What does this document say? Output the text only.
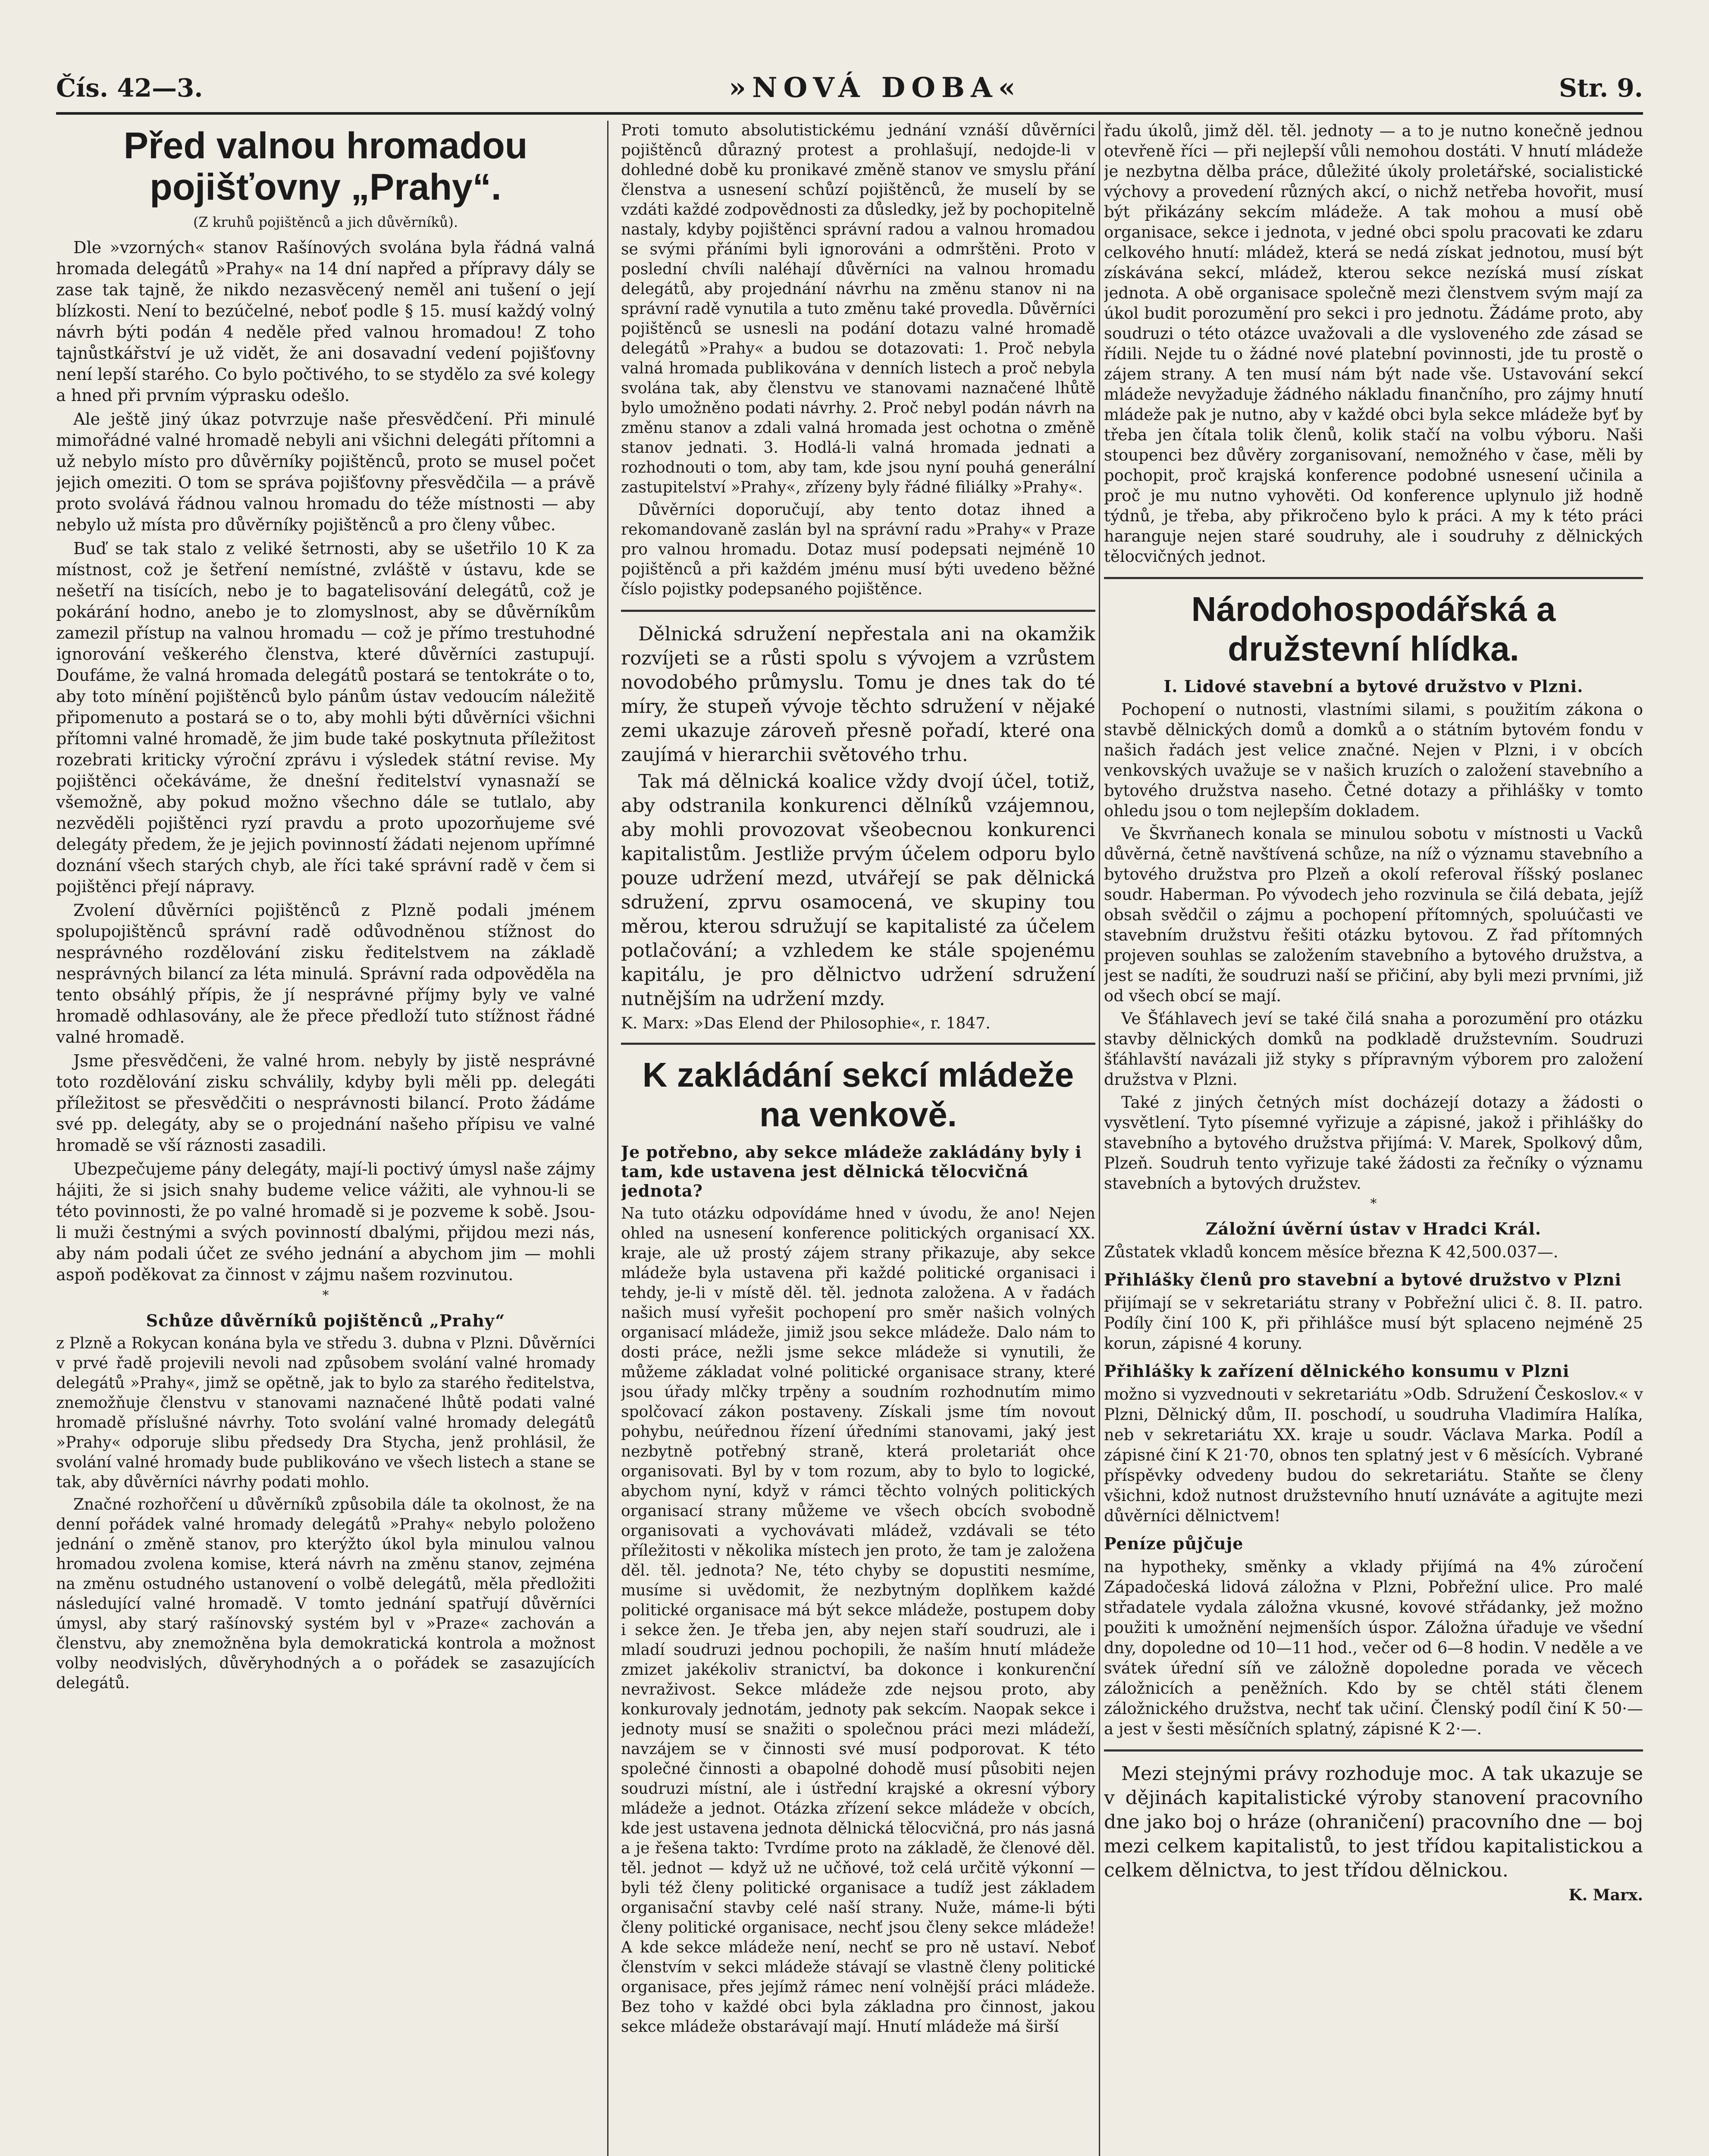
Čís. 42—3.	»NOVÁ DOBA«	Str. 9.
Před valnou hromadou pojišťovny „Prahy“.
(Z kruhů pojištěnců a jich důvěrníků).

Dle »vzorných« stanov Rašínových svolána byla řádná valná hromada delegátů »Prahy« na 14 dní napřed a přípravy dály se zase tak tajně, že nikdo nezasvěcený neměl ani tušení o její blízkosti. Není to bezúčelné, neboť podle § 15. musí každý volný návrh býti podán 4 neděle před valnou hromadou! Z toho tajnůstkářství je už vidět, že ani dosavadní vedení pojišťovny není lepší starého. Co bylo počtivého, to se stydělo za své kolegy a hned při prvním výprasku odešlo.

Ale ještě jiný úkaz potvrzuje naše přesvědčení. Při minulé mimořádné valné hromadě nebyli ani všichni delegáti přítomni a už nebylo místo pro důvěrníky pojištěnců, proto se musel počet jejich omeziti. O tom se správa pojišťovny přesvědčila — a právě proto svolává řádnou valnou hromadu do téže místnosti — aby nebylo už místa pro důvěrníky pojištěnců a pro členy vůbec.

Buď se tak stalo z veliké šetrnosti, aby se ušetřilo 10 K za místnost, což je šetření nemístné, zvláště v ústavu, kde se nešetří na tisících, nebo je to bagatelisování delegátů, což je pokárání hodno, anebo je to zlomyslnost, aby se důvěrníkům zamezil přístup na valnou hromadu — což je přímo trestuhodné ignorování veškerého členstva, které důvěrníci zastupují. Doufáme, že valná hromada delegátů postará se tentokráte o to, aby toto mínění pojištěnců bylo pánům ústav vedoucím náležitě připomenuto a postará se o to, aby mohli býti důvěrníci všichni přítomni valné hromadě, že jim bude také poskytnuta příležitost rozebrati kriticky výroční zprávu i výsledek státní revise. My pojištěnci očekáváme, že dnešní ředitelství vynasnaží se všemožně, aby pokud možno všechno dále se tutlalo, aby nezvěděli pojištěnci ryzí pravdu a proto upozorňujeme své delegáty předem, že je jejich povinností žádati nejenom upřímné doznání všech starých chyb, ale říci také správní radě v čem si pojištěnci přejí nápravy.

Zvolení důvěrníci pojištěnců z Plzně podali jménem spolupojištěnců správní radě odůvodněnou stížnost do nesprávného rozdělování zisku ředitelstvem na základě nesprávných bilancí za léta minulá. Správní rada odpověděla na tento obsáhlý přípis, že jí nesprávné příjmy byly ve valné hromadě odhlasovány, ale že přece předloží tuto stížnost řádné valné hromadě.

Jsme přesvědčeni, že valné hrom. nebyly by jistě nesprávné toto rozdělování zisku schválily, kdyby byli měli pp. delegáti příležitost se přesvědčiti o nesprávnosti bilancí. Proto žádáme své pp. delegáty, aby se o projednání našeho přípisu ve valné hromadě se vší ráznosti zasadili.

Ubezpečujeme pány delegáty, mají-li poctivý úmysl naše zájmy hájiti, že si jsich snahy budeme velice vážiti, ale vyhnou-li se této povinnosti, že po valné hromadě si je pozveme k sobě. Jsou-li muži čestnými a svých povinností dbalými, přijdou mezi nás, aby nám podali účet ze svého jednání a abychom jim — mohli aspoň poděkovat za činnost v zájmu našem rozvinutou.

*
Schůze důvěrníků pojištěnců „Prahy“

z Plzně a Rokycan konána byla ve středu 3. dubna v Plzni. Důvěrníci v prvé řadě projevili nevoli nad způsobem svolání valné hromady delegátů »Prahy«, jimž se opětně, jak to bylo za starého ředitelstva, znemožňuje členstvu v stanovami naznačené lhůtě podati valné hromadě příslušné návrhy. Toto svolání valné hromady delegátů »Prahy« odporuje slibu předsedy Dra Stycha, jenž prohlásil, že svolání valné hromady bude publikováno ve všech listech a stane se tak, aby důvěrníci návrhy podati mohlo.

Značné rozhořčení u důvěrníků způsobila dále ta okolnost, že na denní pořádek valné hromady delegátů »Prahy« nebylo položeno jednání o změně stanov, pro kterýžto úkol byla minulou valnou hromadou zvolena komise, která návrh na změnu stanov, zejména na změnu ostudného ustanovení o volbě delegátů, měla předložiti následující valné hromadě. V tomto jednání spatřují důvěrníci úmysl, aby starý rašínovský systém byl v »Praze« zachován a členstvu, aby znemožněna byla demokratická kontrola a možnost volby neodvislých, důvěryhodných a o pořádek se zasazujících delegátů.

Proti tomuto absolutistickému jednání vznáší důvěrníci pojištěnců důrazný protest a prohlašují, nedojde-li v dohledné době ku pronikavé změně stanov ve smyslu přání členstva a usnesení schůzí pojištěnců, že muselí by se vzdáti každé zodpovědnosti za důsledky, jež by pochopitelně nastaly, kdyby pojištěnci správní radou a valnou hromadou se svými přáními byli ignorováni a odmrštěni. Proto v poslední chvíli naléhají důvěrníci na valnou hromadu delegátů, aby projednání návrhu na změnu stanov ni na správní radě vynutila a tuto změnu také provedla. Důvěrníci pojištěnců se usnesli na podání dotazu valné hromadě delegátů »Prahy« a budou se dotazovati: 1. Proč nebyla valná hromada publikována v denních listech a proč nebyla svolána tak, aby členstvu ve stanovami naznačené lhůtě bylo umožněno podati návrhy. 2. Proč nebyl podán návrh na změnu stanov a zdali valná hromada jest ochotna o změně stanov jednati. 3. Hodlá-li valná hromada jednati a rozhodnouti o tom, aby tam, kde jsou nyní pouhá generální zastupitelství »Prahy«, zřízeny byly řádné filiálky »Prahy«.

Důvěrníci doporučují, aby tento dotaz ihned a rekomandovaně zaslán byl na správní radu »Prahy« v Praze pro valnou hromadu. Dotaz musí podepsati nejméně 10 pojištěnců a při každém jménu musí býti uvedeno běžné číslo pojistky podepsaného pojištěnce.

Dělnická sdružení nepřestala ani na okamžik rozvíjeti se a růsti spolu s vývojem a vzrůstem novodobého průmyslu. Tomu je dnes tak do té míry, že stupeň vývoje těchto sdružení v nějaké zemi ukazuje zároveň přesně pořadí, které ona zaujímá v hierarchii světového trhu.

Tak má dělnická koalice vždy dvojí účel, totiž, aby odstranila konkurenci dělníků vzájemnou, aby mohli provozovat všeobecnou konkurenci kapitalistům. Jestliže prvým účelem odporu bylo pouze udržení mezd, utvářejí se pak dělnická sdružení, zprvu osamocená, ve skupiny tou měrou, kterou sdružují se kapitalisté za účelem potlačování; a vzhledem ke stále spojenému kapitálu, je pro dělnictvo udržení sdružení nutnějším na udržení mzdy.

K. Marx: »Das Elend der Philosophie«, r. 1847.
K zakládání sekcí mládeže na venkově.
Je potřebno, aby sekce mládeže zakládány byly i tam, kde ustavena jest dělnická tělocvičná jednota?

Na tuto otázku odpovídáme hned v úvodu, že ano! Nejen ohled na usnesení konference politických organisací XX. kraje, ale už prostý zájem strany přikazuje, aby sekce mládeže byla ustavena při každé politické organisaci i tehdy, je-li v místě děl. těl. jednota založena. A v řadách našich musí vyřešit pochopení pro směr našich volných organisací mládeže, jimiž jsou sekce mládeže. Dalo nám to dosti práce, nežli jsme sekce mládeže si vynutili, že můžeme základat volné politické organisace strany, které jsou úřady mlčky trpěny a soudním rozhodnutím mimo spolčovací zákon postaveny. Získali jsme tím novout pohybu, neúřednou řízení úředními stanovami, jaký jest nezbytně potřebný straně, která proletariát ohce organisovati. Byl by v tom rozum, aby to bylo to logické, abychom nyní, když v rámci těchto volných politických organisací strany můžeme ve všech obcích svobodně organisovati a vychovávati mládež, vzdávali se této příležitosti v několika místech jen proto, že tam je založena děl. těl. jednota? Ne, této chyby se dopustiti nesmíme, musíme si uvědomit, že nezbytným doplňkem každé politické organisace má být sekce mládeže, postupem doby i sekce žen. Je třeba jen, aby nejen staří soudruzi, ale i mladí soudruzi jednou pochopili, že naším hnutí mládeže zmizet jakékoliv stranictví, ba dokonce i konkurenční nevraživost. Sekce mládeže zde nejsou proto, aby konkurovaly jednotám, jednoty pak sekcím. Naopak sekce i jednoty musí se snažiti o společnou práci mezi mládeží, navzájem se v činnosti své musí podporovat. K této společné činnosti a obapolné dohodě musí působiti nejen soudruzi místní, ale i ústřední krajské a okresní výbory mládeže a jednot. Otázka zřízení sekce mládeže v obcích, kde jest ustavena jednota dělnická tělocvičná, pro nás jasná a je řešena takto: Tvrdíme proto na základě, že členové děl. těl. jednot — když už ne učňové, tož celá určitě výkonní — byli též členy politické organisace a tudíž jest základem organisační stavby celé naší strany. Nuže, máme-li býti členy politické organisace, nechť jsou členy sekce mládeže! A kde sekce mládeže není, nechť se pro ně ustaví. Neboť členstvím v sekci mládeže stávají se vlastně členy politické organisace, přes jejímž rámec není volnější práci mládeže. Bez toho v každé obci byla základna pro činnost, jakou sekce mládeže obstarávají mají. Hnutí mládeže má širší

řadu úkolů, jimž děl. těl. jednoty — a to je nutno konečně jednou otevřeně říci — při nejlepší vůli nemohou dostáti. V hnutí mládeže je nezbytna dělba práce, důležité úkoly proletářské, socialistické výchovy a provedení různých akcí, o nichž netřeba hovořit, musí být přikázány sekcím mládeže. A tak mohou a musí obě organisace, sekce i jednota, v jedné obci spolu pracovati ke zdaru celkového hnutí: mládež, která se nedá získat jednotou, musí být získávána sekcí, mládež, kterou sekce nezíská musí získat jednota. A obě organisace společně mezi členstvem svým mají za úkol budit porozumění pro sekci i pro jednotu. Žádáme proto, aby soudruzi o této otázce uvažovali a dle vysloveného zde zásad se řídili. Nejde tu o žádné nové platební povinnosti, jde tu prostě o zájem strany. A ten musí nám být nade vše. Ustavování sekcí mládeže nevyžaduje žádného nákladu finančního, pro zájmy hnutí mládeže pak je nutno, aby v každé obci byla sekce mládeže byť by třeba jen čítala tolik členů, kolik stačí na volbu výboru. Naši stoupenci bez důvěry zorganisovaní, nemožného v čase, měli by pochopit, proč krajská konference podobné usnesení učinila a proč je mu nutno vyhověti. Od konference uplynulo již hodně týdnů, je třeba, aby přikročeno bylo k práci. A my k této práci haranguje nejen staré soudruhy, ale i soudruhy z dělnických tělocvičných jednot.

Národohospodářská a družstevní hlídka.
I. Lidové stavební a bytové družstvo v Plzni.

Pochopení o nutnosti, vlastními silami, s použitím zákona o stavbě dělnických domů a domků a o státním bytovém fondu v našich řadách jest velice značné. Nejen v Plzni, i v obcích venkovských uvažuje se v našich kruzích o založení stavebního a bytového družstva naseho. Četné dotazy a přihlášky v tomto ohledu jsou o tom nejlepším dokladem.

Ve Škvrňanech konala se minulou sobotu v místnosti u Vacků důvěrná, četně navštívená schůze, na níž o významu stavebního a bytového družstva pro Plzeň a okolí referoval říšský poslanec soudr. Haberman. Po vývodech jeho rozvinula se čilá debata, jejíž obsah svědčil o zájmu a pochopení přítomných, spoluúčasti ve stavebním družstvu řešiti otázku bytovou. Z řad přítomných projeven souhlas se založením stavebního a bytového družstva, a jest se nadíti, že soudruzi naší se přičiní, aby byli mezi prvními, již od všech obcí se mají.

Ve Šťáhlavech jeví se také čilá snaha a porozumění pro otázku stavby dělnických domků na podkladě družstevním. Soudruzi šťáhlavští navázali již styky s přípravným výborem pro založení družstva v Plzni.

Také z jiných četných míst docházejí dotazy a žádosti o vysvětlení. Tyto písemné vyřizuje a zápisné, jakož i přihlášky do stavebního a bytového družstva přijímá: V. Marek, Spolkový dům, Plzeň. Soudruh tento vyřizuje také žádosti za řečníky o významu stavebních a bytových družstev.

*
Záložní úvěrní ústav v Hradci Král.

Zůstatek vkladů koncem měsíce března K 42,500.037—.

Přihlášky členů pro stavební a bytové družstvo v Plzni

přijímají se v sekretariátu strany v Pobřežní ulici č. 8. II. patro. Podíly činí 100 K, při přihlášce musí být splaceno nejméně 25 korun, zápisné 4 koruny.

Přihlášky k zařízení dělnického konsumu v Plzni

možno si vyzvednouti v sekretariátu »Odb. Sdružení Českoslov.« v Plzni, Dělnický dům, II. poschodí, u soudruha Vladimíra Halíka, neb v sekretariátu XX. kraje u soudr. Václava Marka. Podíl a zápisné činí K 21·70, obnos ten splatný jest v 6 měsících. Vybrané příspěvky odvedeny budou do sekretariátu. Staňte se členy všichni, kdož nutnost družstevního hnutí uznáváte a agitujte mezi důvěrníci dělnictvem!

Peníze půjčuje

na hypotheky, směnky a vklady přijímá na 4% zúročení Západočeská lidová záložna v Plzni, Pobřežní ulice. Pro malé střadatele vydala záložna vkusné, kovové střádanky, jež možno použiti k umožnění nejmenších úspor. Záložna úřaduje ve všední dny, dopoledne od 10—11 hod., večer od 6—8 hodin. V neděle a ve svátek úřední síň ve záložně dopoledne porada ve věcech záložnicích a peněžních. Kdo by se chtěl státi členem záložnického družstva, nechť tak učiní. Členský podíl činí K 50·— a jest v šesti měsíčních splatný, zápisné K 2·—.

Mezi stejnými právy rozhoduje moc. A tak ukazuje se v dějinách kapitalistické výroby stanovení pracovního dne jako boj o hráze (ohraničení) pracovního dne — boj mezi celkem kapitalistů, to jest třídou kapitalistickou a celkem dělnictva, to jest třídou dělnickou.

K. Marx.
